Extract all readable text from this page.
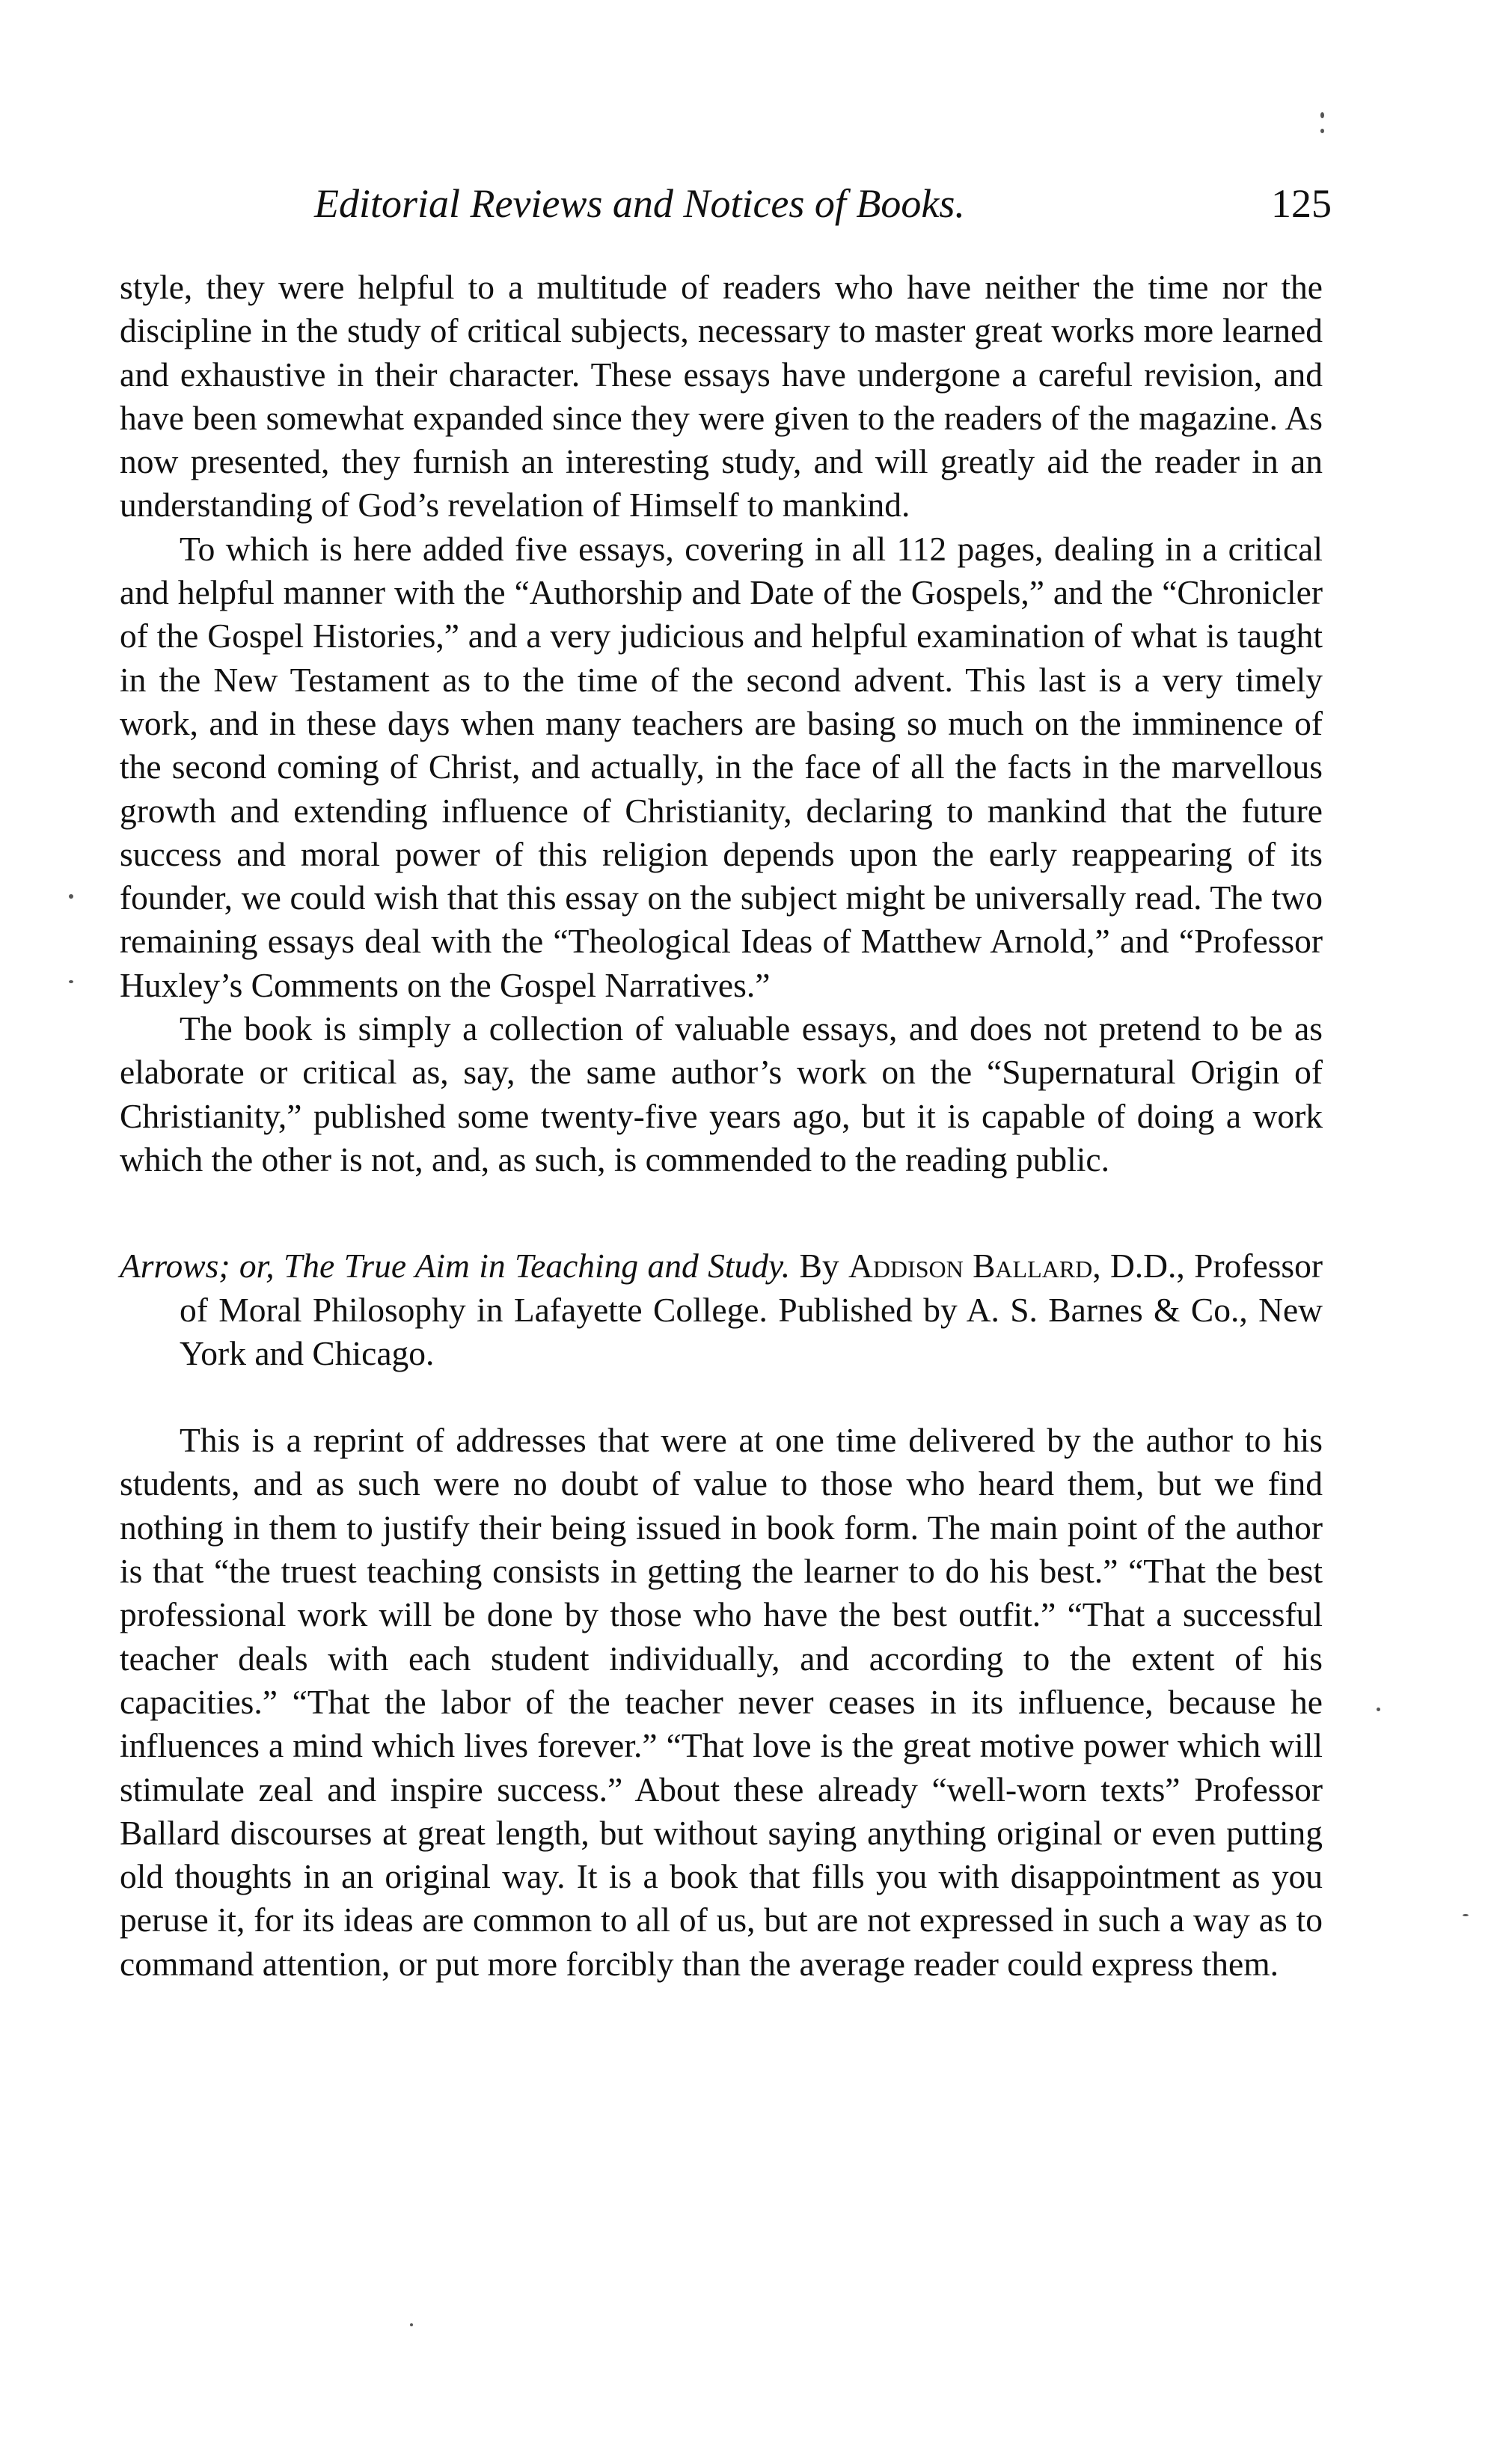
Editorial Reviews and Notices of Books.	125

style, they were helpful to a multitude of readers who have neither the time nor the discipline in the study of critical subjects, necessary to master great works more learned and exhaustive in their character. These essays have undergone a careful revision, and have been somewhat expanded since they were given to the readers of the magazine. As now presented, they furnish an interesting study, and will greatly aid the reader in an understanding of God’s revelation of Himself to mankind.

To which is here added five essays, covering in all 112 pages, dealing in a critical and helpful manner with the “Authorship and Date of the Gospels,” and the “Chronicler of the Gospel Histories,” and a very judicious and helpful examination of what is taught in the New Testament as to the time of the second advent. This last is a very timely work, and in these days when many teachers are basing so much on the imminence of the second coming of Christ, and actually, in the face of all the facts in the marvellous growth and extending influence of Christianity, declaring to mankind that the future success and moral power of this religion depends upon the early reappearing of its founder, we could wish that this essay on the subject might be universally read. The two remaining essays deal with the “Theological Ideas of Matthew Arnold,” and “Professor Huxley’s Comments on the Gospel Narratives.”

The book is simply a collection of valuable essays, and does not pretend to be as elaborate or critical as, say, the same author’s work on the “Supernatural Origin of Christianity,” published some twenty-five years ago, but it is capable of doing a work which the other is not, and, as such, is commended to the reading public.

Arrows; or, The True Aim in Teaching and Study. By Addison Ballard, D.D., Professor of Moral Philosophy in Lafayette College. Published by A. S. Barnes & Co., New York and Chicago.

This is a reprint of addresses that were at one time delivered by the author to his students, and as such were no doubt of value to those who heard them, but we find nothing in them to justify their being issued in book form. The main point of the author is that “the truest teaching consists in getting the learner to do his best.” “That the best professional work will be done by those who have the best outfit.” “That a successful teacher deals with each student individually, and according to the extent of his capacities.” “That the labor of the teacher never ceases in its influence, because he influences a mind which lives forever.” “That love is the great motive power which will stimulate zeal and inspire success.” About these already “well-worn texts” Professor Ballard discourses at great length, but without saying anything original or even putting old thoughts in an original way. It is a book that fills you with disappointment as you peruse it, for its ideas are common to all of us, but are not expressed in such a way as to command attention, or put more forcibly than the average reader could express them.
